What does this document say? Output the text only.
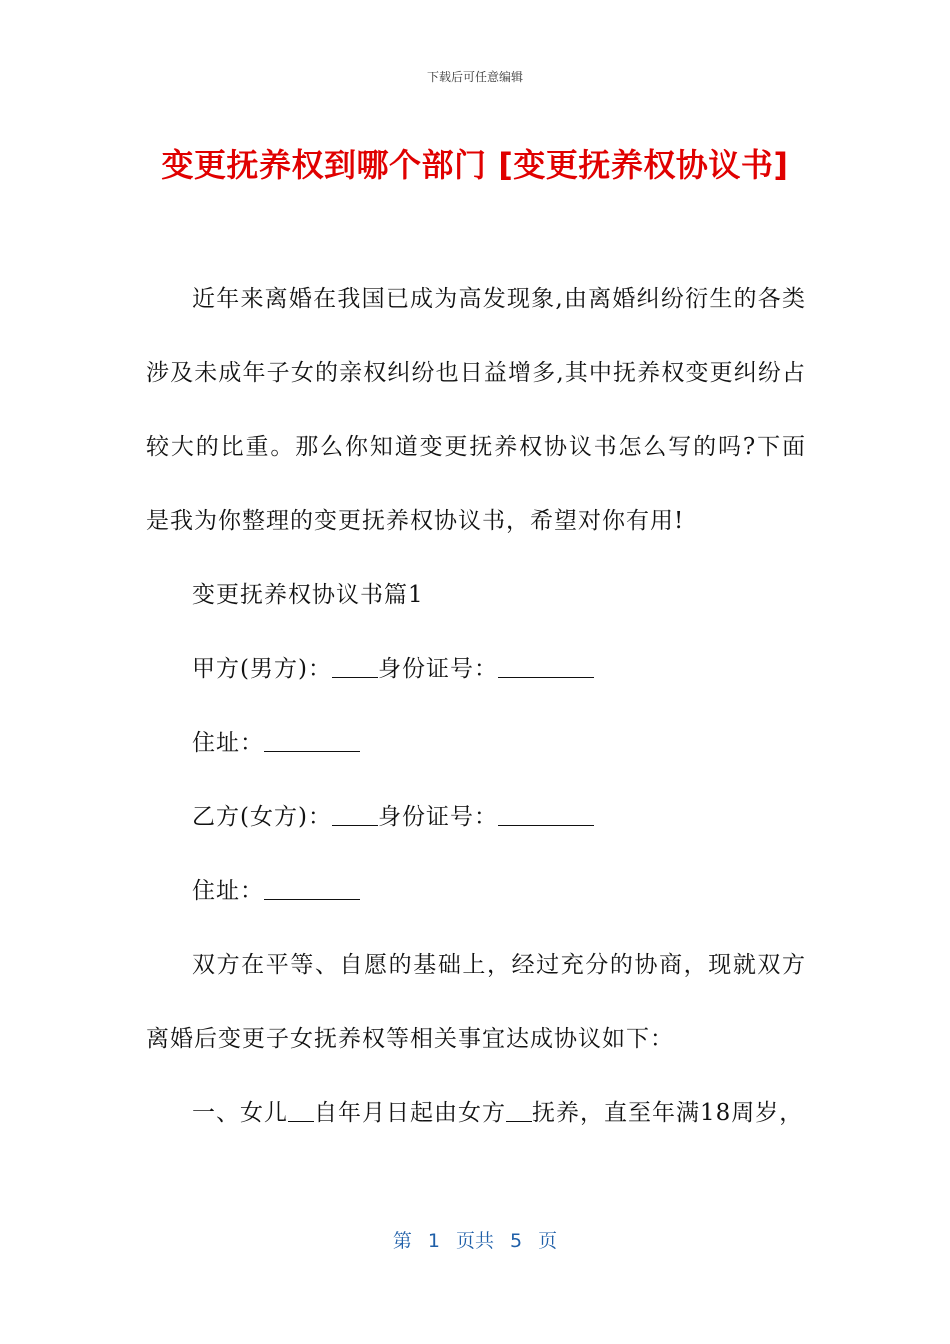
下载后可任意编辑
变更抚养权到哪个部门 [变更抚养权协议书]

近年来离婚在我国已成为高发现象,由离婚纠纷衍生的各类涉及未成年子女的亲权纠纷也日益增多,其中抚养权变更纠纷占较大的比重。那么你知道变更抚养权协议书怎么写的吗?下面是我为你整理的变更抚养权协议书，希望对你有用!

变更抚养权协议书篇1

甲方(男方)： 身份证号：

住址：

乙方(女方)： 身份证号：

住址：

双方在平等、自愿的基础上，经过充分的协商，现就双方离婚后变更子女抚养权等相关事宜达成协议如下：

一、女儿 自年月日起由女方 抚养，直至年满18周岁，

第 1 页共 5 页
